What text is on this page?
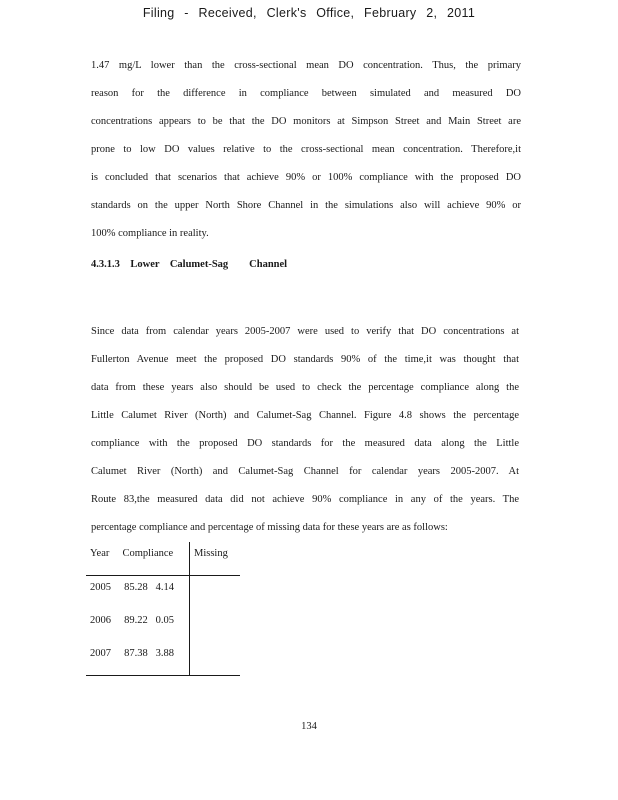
Filing - Received, Clerk's Office, February 2, 2011
1.47 mg/L lower than the cross-sectional mean DO concentration. Thus, the primary
reason for the difference in compliance between simulated and measured DO
concentrations appears to be that the DO monitors at Simpson Street and Main Street are
prone to low DO values relative to the cross-sectional mean concentration. Therefore,it
is concluded that scenarios that achieve 90% or 100% compliance with the proposed DO
standards on the upper North Shore Channel in the simulations also will achieve 90% or
100% compliance in reality.
4.3.1.3    Lower    Calumet-Sag        Channel
Since data from calendar years 2005-2007 were used to verify that DO concentrations at
Fullerton Avenue meet the proposed DO standards 90% of the time,it was thought that
data from these years also should be used to check the percentage compliance along the
Little Calumet River (North) and Calumet-Sag Channel. Figure 4.8 shows the percentage
compliance with the proposed DO standards for the measured data along the Little
Calumet River (North) and Calumet-Sag Channel for calendar years 2005-2007. At
Route 83,the measured data did not achieve 90% compliance in any of the years. The
percentage compliance and percentage of missing data for these years are as follows:
Year     Compliance	Missing
2005     85.28   4.14	
2006     89.22   0.05	
2007     87.38   3.88	
134
